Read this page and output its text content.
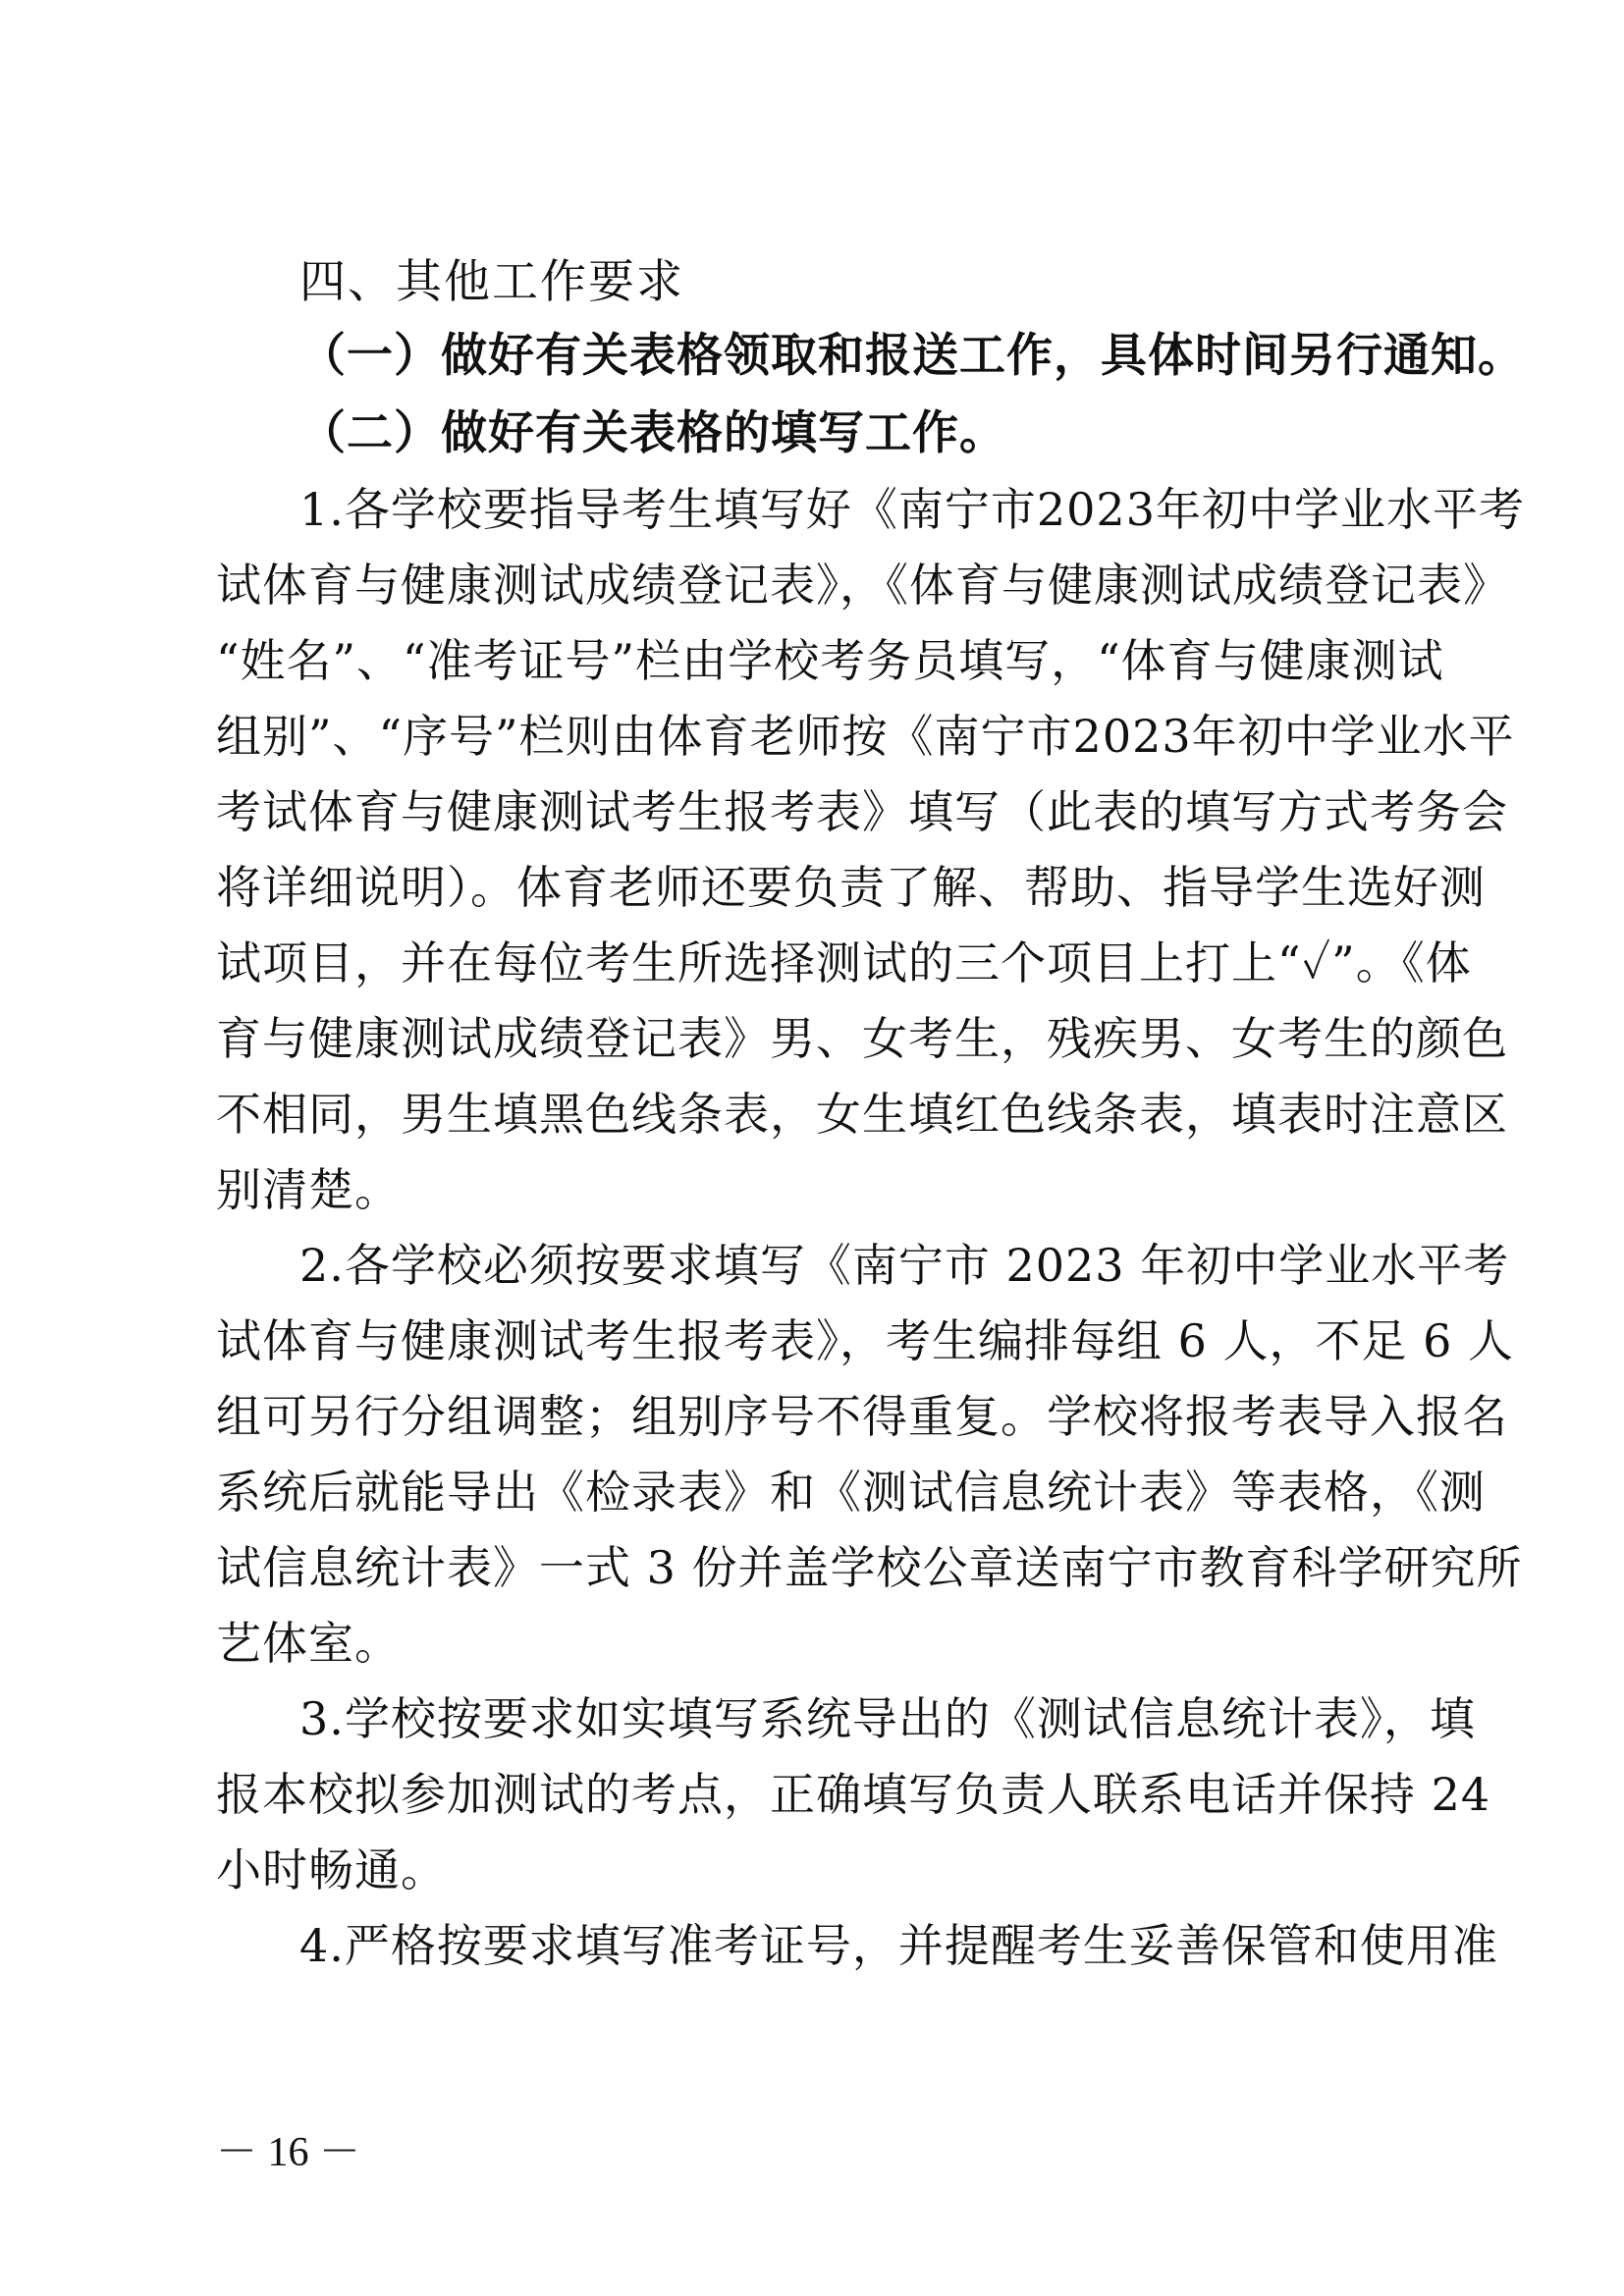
四、其他工作要求
（一）做好有关表格领取和报送工作，具体时间另行通知。
（二）做好有关表格的填写工作。
1.各学校要指导考生填写好《南宁市2023年初中学业水平考
试体育与健康测试成绩登记表》，《体育与健康测试成绩登记表》
“姓名”、“准考证号”栏由学校考务员填写，“体育与健康测试
组别”、“序号”栏则由体育老师按《南宁市2023年初中学业水平
考试体育与健康测试考生报考表》填写（此表的填写方式考务会
将详细说明）。体育老师还要负责了解、帮助、指导学生选好测
试项目，并在每位考生所选择测试的三个项目上打上“✓”。《体
育与健康测试成绩登记表》男、女考生，残疾男、女考生的颜色
不相同，男生填黑色线条表，女生填红色线条表，填表时注意区
别清楚。
2.各学校必须按要求填写《南宁市 2023 年初中学业水平考
试体育与健康测试考生报考表》，考生编排每组 6 人，不足 6 人
组可另行分组调整；组别序号不得重复。学校将报考表导入报名
系统后就能导出《检录表》和《测试信息统计表》等表格，《测
试信息统计表》一式 3 份并盖学校公章送南宁市教育科学研究所
艺体室。
3.学校按要求如实填写系统导出的《测试信息统计表》，填
报本校拟参加测试的考点，正确填写负责人联系电话并保持 24
小时畅通。
4.严格按要求填写准考证号，并提醒考生妥善保管和使用准
－ 16 －
